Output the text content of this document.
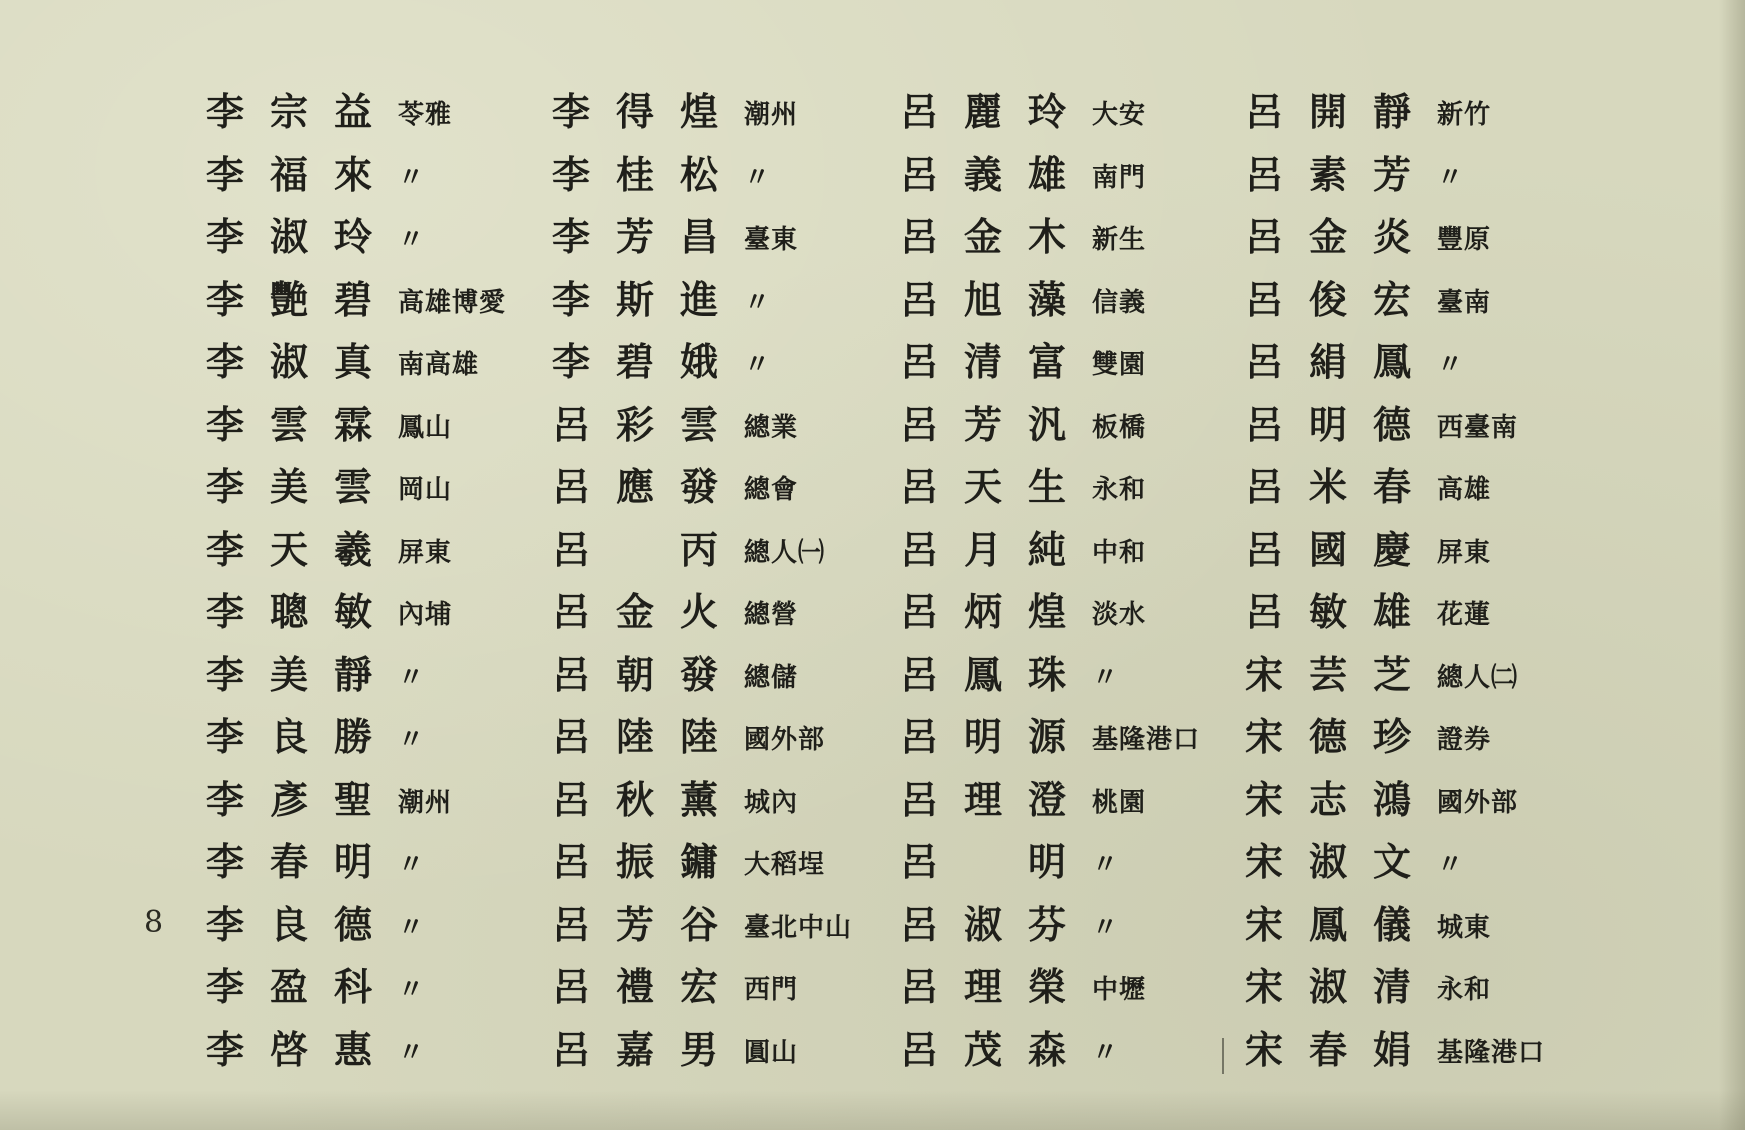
8
李 宗 益 苓雅
李 福 來 〃
李 淑 玲 〃
李 艷 碧 高雄博愛
李 淑 真 南高雄
李 雲 霖 鳳山
李 美 雲 岡山
李 天 羲 屏東
李 聰 敏 內埔
李 美 靜 〃
李 良 勝 〃
李 彥 聖 潮州
李 春 明 〃
李 良 德 〃
李 盈 科 〃
李 啓 惠 〃
李 得 煌 潮州
李 桂 松 〃
李 芳 昌 臺東
李 斯 進 〃
李 碧 娥 〃
呂 彩 雲 總業
呂 應 發 總會
呂	丙 總人㈠
呂 金 火 總營
呂 朝 發 總儲
呂 陸 陸 國外部
呂 秋 薰 城內
呂 振 鏞 大稻埕
呂 芳 谷 臺北中山
呂 禮 宏 西門
呂 嘉 男 圓山
呂 麗 玲 大安
呂 義 雄 南門
呂 金 木 新生
呂 旭 藻 信義
呂 清 富 雙園
呂 芳 汎 板橋
呂 天 生 永和
呂 月 純 中和
呂 炳 煌 淡水
呂 鳳 珠 〃
呂 明 源 基隆港口
呂 理 澄 桃園
呂	明 〃
呂 淑 芬 〃
呂 理 榮 中壢
呂 茂 森 〃
呂 開 靜 新竹
呂 素 芳 〃
呂 金 炎 豐原
呂 俊 宏 臺南
呂 絹 鳳 〃
呂 明 德 西臺南
呂 米 春 高雄
呂 國 慶 屏東
呂 敏 雄 花蓮
宋 芸 芝 總人㈡
宋 德 珍 證券
宋 志 鴻 國外部
宋 淑 文 〃
宋 鳳 儀 城東
宋 淑 清 永和
宋 春 娟 基隆港口
